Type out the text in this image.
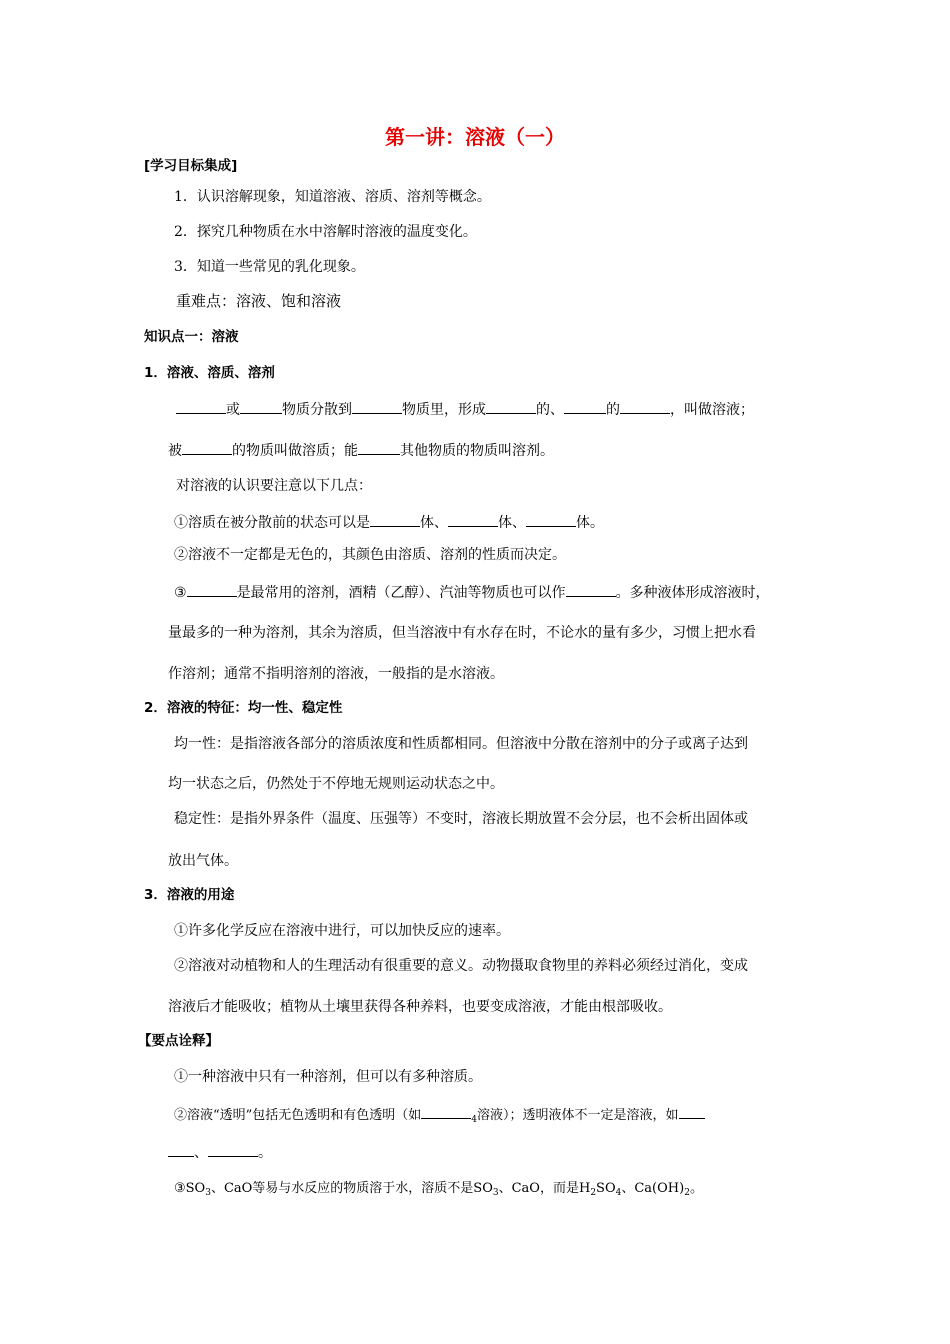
第一讲：溶液（一）
[学习目标集成]
1．认识溶解现象，知道溶液、溶质、溶剂等概念。
2．探究几种物质在水中溶解时溶液的温度变化。
3．知道一些常见的乳化现象。
重难点：溶液、饱和溶液
知识点一：溶液
1．溶液、溶质、溶剂
或	物质分散到	物质里，形成	的、	的	，叫做溶液；
被	的物质叫做溶质；能	其他物质的物质叫溶剂。
对溶液的认识要注意以下几点：
①溶质在被分散前的状态可以是	体、	体、	体。
②溶液不一定都是无色的，其颜色由溶质、溶剂的性质而决定。
③	是最常用的溶剂，酒精（乙醇）、汽油等物质也可以作	。多种液体形成溶液时，
量最多的一种为溶剂，其余为溶质，但当溶液中有水存在时，不论水的量有多少，习惯上把水看
作溶剂；通常不指明溶剂的溶液，一般指的是水溶液。
2．溶液的特征：均一性、稳定性
均一性：是指溶液各部分的溶质浓度和性质都相同。但溶液中分散在溶剂中的分子或离子达到
均一状态之后，仍然处于不停地无规则运动状态之中。
稳定性：是指外界条件（温度、压强等）不变时，溶液长期放置不会分层，也不会析出固体或
放出气体。
3．溶液的用途
①许多化学反应在溶液中进行，可以加快反应的速率。
②溶液对动植物和人的生理活动有很重要的意义。动物摄取食物里的养料必须经过消化，变成
溶液后才能吸收；植物从土壤里获得各种养料，也要变成溶液，才能由根部吸收。
【要点诠释】
①一种溶液中只有一种溶剂，但可以有多种溶质。
②溶液“透明”包括无色透明和有色透明（如	$_4$溶液）；透明液体不一定是溶液，如
、	。
$③SO_3$、CaO等易与水反应的物质溶于水，溶质不是$SO_3$、CaO，而是$H_2SO_4$、$Ca(OH)_2$。
